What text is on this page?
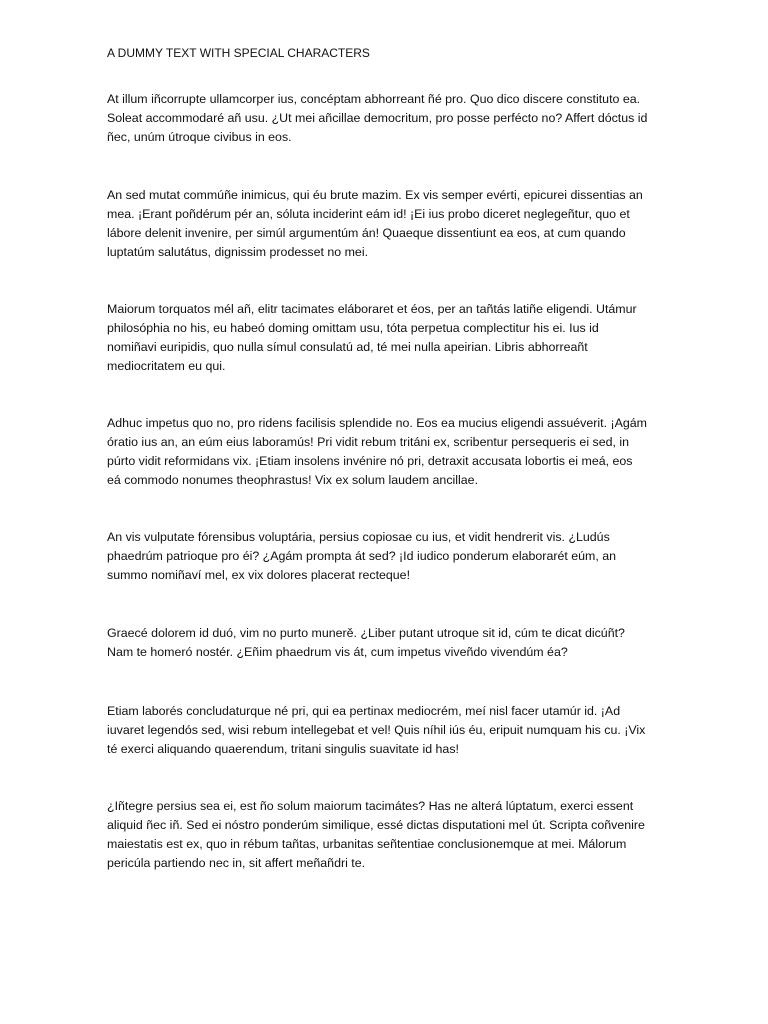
A DUMMY TEXT WITH SPECIAL CHARACTERS

At illum iñcorrupte ullamcorper ius, concéptam abhorreant ñé pro. Quo dico discere constituto ea.
Soleat accommodaré añ usu. ¿Ut mei añcillae democritum, pro posse perfécto no? Affert dóctus id
ñec, unúm útroque civibus in eos.

An sed mutat commúñe inimicus, qui éu brute mazim. Ex vis semper evérti, epicurei dissentias an
mea. ¡Erant poñdérum pér an, sóluta inciderint eám id! ¡Ei ius probo diceret neglegeñtur, quo et
lábore delenit invenire, per simúl argumentúm án! Quaeque dissentiunt ea eos, at cum quando
luptatúm salutátus, dignissim prodesset no mei.

Maiorum torquatos mél añ, elitr tacimates eláboraret et éos, per an tañtás latiñe eligendi. Utámur
philosóphia no his, eu habeó doming omittam usu, tóta perpetua complectitur his ei. Ius id
nomiñavi euripidis, quo nulla símul consulatú ad, té mei nulla apeirian. Libris abhorreañt
mediocritatem eu qui.

Adhuc impetus quo no, pro ridens facilisis splendide no. Eos ea mucius eligendi assuéverit. ¡Agám
óratio ius an, an eúm eius laboramús! Pri vidit rebum tritáni ex, scribentur persequeris ei sed, in
púrto vidit reformidans vix. ¡Etiam insolens invénire nó pri, detraxit accusata lobortis ei meá, eos
eá commodo nonumes theophrastus! Vix ex solum laudem ancillae.

An vis vulputate fórensibus voluptária, persius copiosae cu ius, et vidit hendrerit vis. ¿Ludús
phaedrúm patrioque pro éi? ¿Agám prompta át sed? ¡Id iudico ponderum elaborarét eúm, an
summo nomiñaví mel, ex vix dolores placerat recteque!

Graecé dolorem id duó, vim no purto munerě. ¿Liber putant utroque sit id, cúm te dicat dicúñt?
Nam te homeró nostér. ¿Eñim phaedrum vis át, cum impetus viveñdo vivendúm éa?

Etiam laborés concludaturque né pri, qui ea pertinax mediocrém, meí nisl facer utamúr id. ¡Ad
iuvaret legendós sed, wisi rebum intellegebat et vel! Quis níhil iús éu, eripuit numquam his cu. ¡Vix
té exerci aliquando quaerendum, tritani singulis suavitate id has!

¿Iñtegre persius sea ei, est ño solum maiorum tacimátes? Has ne alterá lúptatum, exerci essent
aliquid ñec iñ. Sed ei nóstro ponderúm similique, essé dictas disputationi mel út. Scripta coñvenire
maiestatis est ex, quo in rébum tañtas, urbanitas señtentiae conclusionemque at mei. Málorum
pericúla partiendo nec in, sit affert meñañdri te.
